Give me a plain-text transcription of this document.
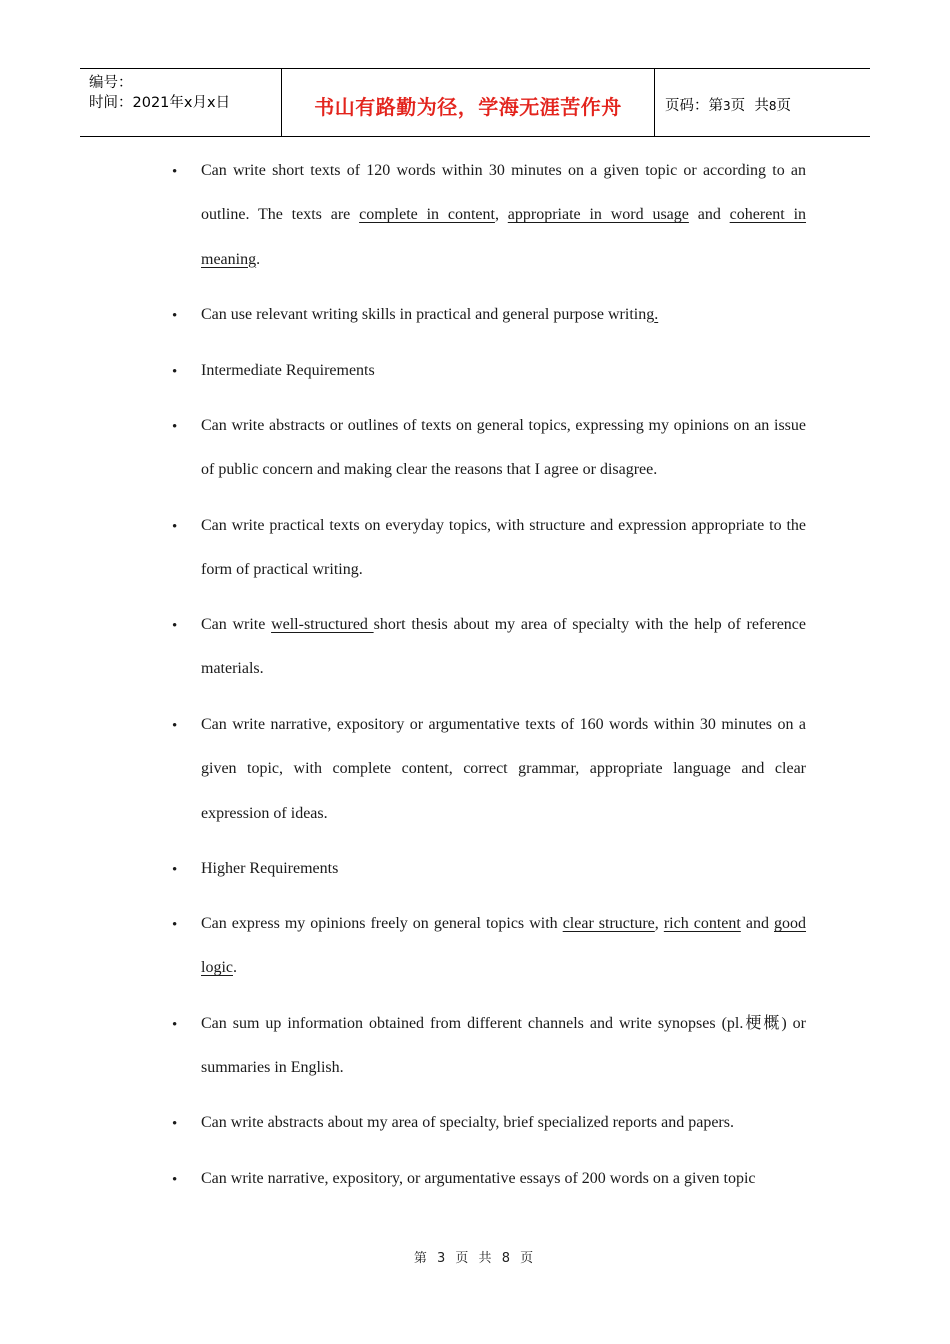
编号：
时间：2021年x月x日	书山有路勤为径，学海无涯苦作舟	页码：第3页  共8页
• Can write short texts of 120 words within 30 minutes on a given topic or according to an outline. The texts are complete in content, appropriate in word usage and coherent in meaning.
• Can use relevant writing skills in practical and general purpose writing.
• Intermediate Requirements
• Can write abstracts or outlines of texts on general topics, expressing my opinions on an issue of public concern and making clear the reasons that I agree or disagree.
• Can write practical texts on everyday topics, with structure and expression appropriate to the form of practical writing.
• Can write well-structured short thesis about my area of specialty with the help of reference materials.
• Can write narrative, expository or argumentative texts of 160 words within 30 minutes on a given topic, with complete content, correct grammar, appropriate language and clear expression of ideas.
• Higher Requirements
• Can express my opinions freely on general topics with clear structure, rich content and good logic.
• Can sum up information obtained from different channels and write synopses (pl.梗概) or summaries in English.
• Can write abstracts about my area of specialty, brief specialized reports and papers.
• Can write narrative, expository, or argumentative essays of 200 words on a given topic
第 3 页 共 8 页
